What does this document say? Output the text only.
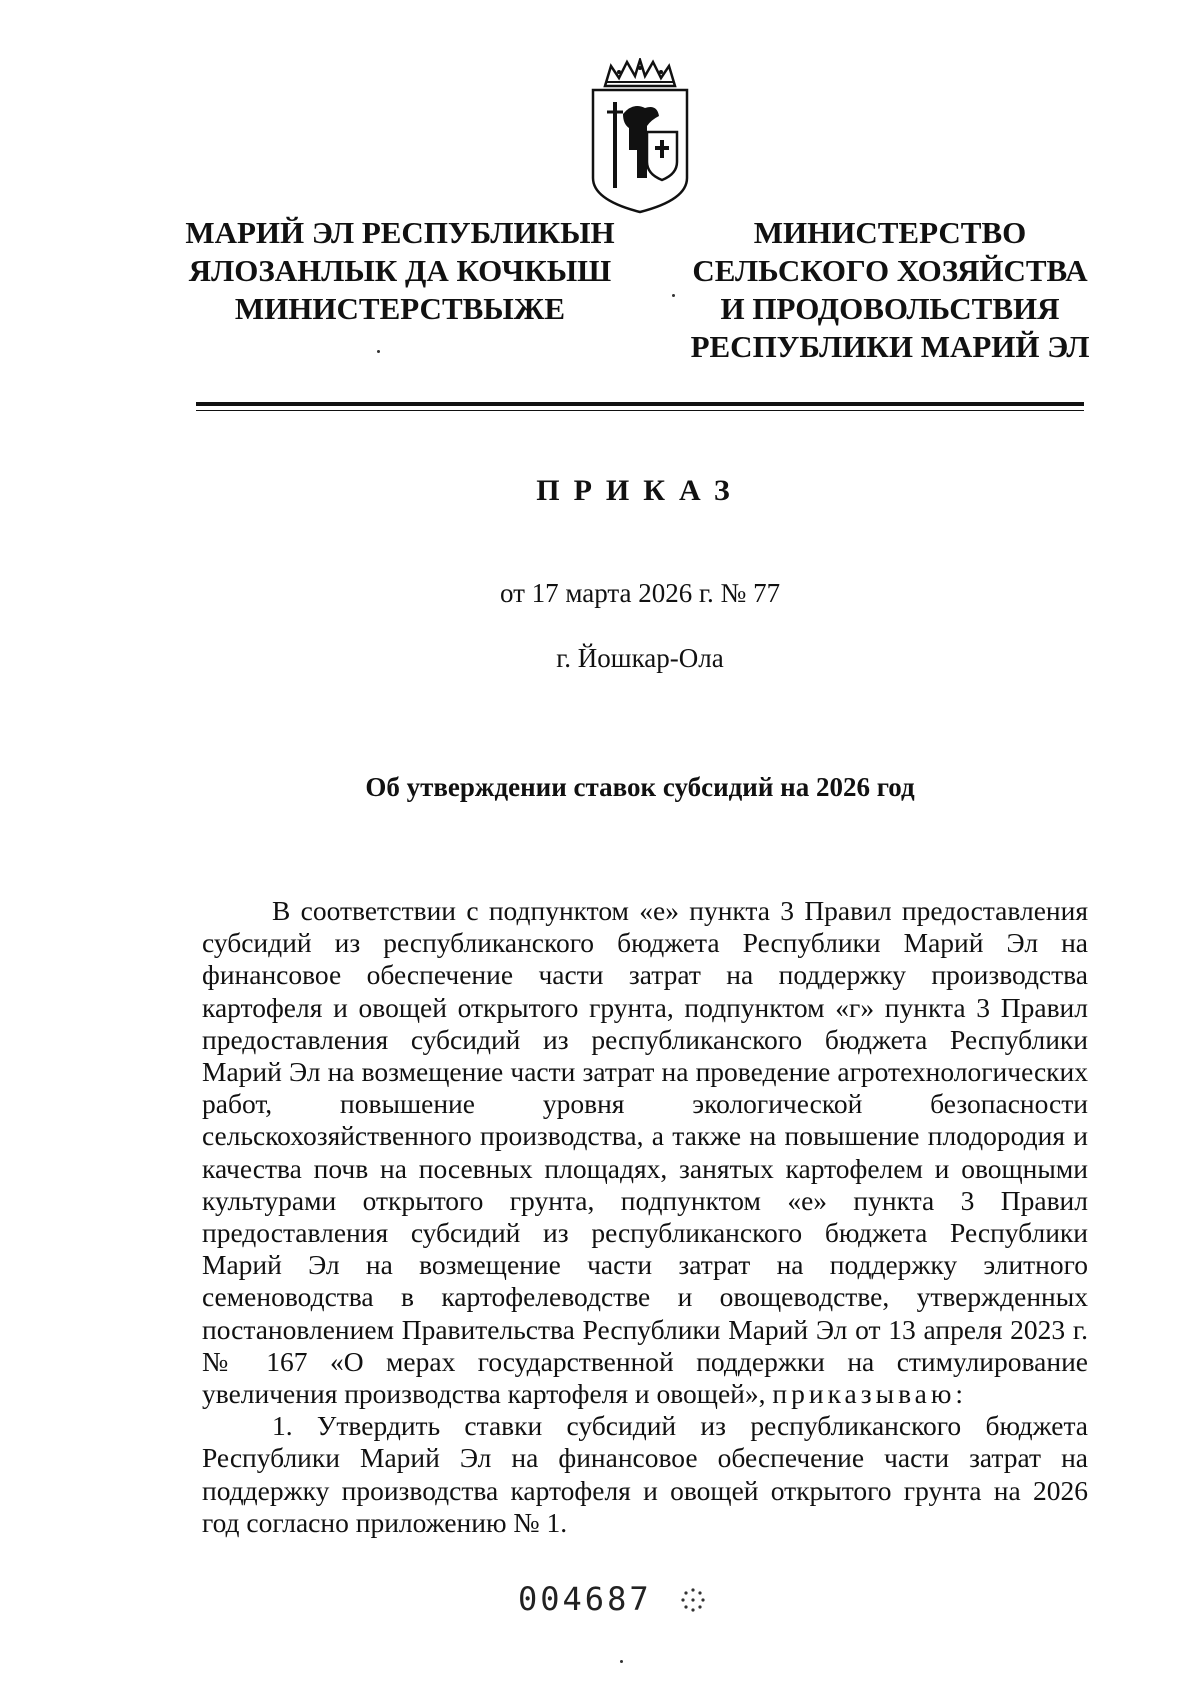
МАРИЙ ЭЛ РЕСПУБЛИКЫН
ЯЛОЗАНЛЫК ДА КОЧКЫШ
МИНИСТЕРСТВЫЖЕ
МИНИСТЕРСТВО
СЕЛЬСКОГО ХОЗЯЙСТВА
И ПРОДОВОЛЬСТВИЯ
РЕСПУБЛИКИ МАРИЙ ЭЛ
ПРИКАЗ
от 17 марта 2026 г. № 77
г. Йошкар-Ола
Об утверждении ставок субсидий на 2026 год

В соответствии с подпунктом «е» пункта 3 Правил предоставления субсидий из республиканского бюджета Республики Марий Эл на финансовое обеспечение части затрат на поддержку производства картофеля и овощей открытого грунта, подпунктом «г» пункта 3 Правил предоставления субсидий из республиканского бюджета Республики Марий Эл на возмещение части затрат на проведение агротехнологических работ, повышение уровня экологической безопасности сельскохозяйственного производства, а также на повышение плодородия и качества почв на посевных площадях, занятых картофелем и овощными культурами открытого грунта, подпунктом «е» пункта 3 Правил предоставления субсидий из республиканского бюджета Республики Марий Эл на возмещение части затрат на поддержку элитного семеноводства в картофелеводстве и овощеводстве, утвержденных постановлением Правительства Республики Марий Эл от 13 апреля 2023 г. № 167 «О мерах государственной поддержки на стимулирование увеличения производства картофеля и овощей», приказываю:

1. Утвердить ставки субсидий из республиканского бюджета Республики Марий Эл на финансовое обеспечение части затрат на поддержку производства картофеля и овощей открытого грунта на 2026 год согласно приложению № 1.

004687
